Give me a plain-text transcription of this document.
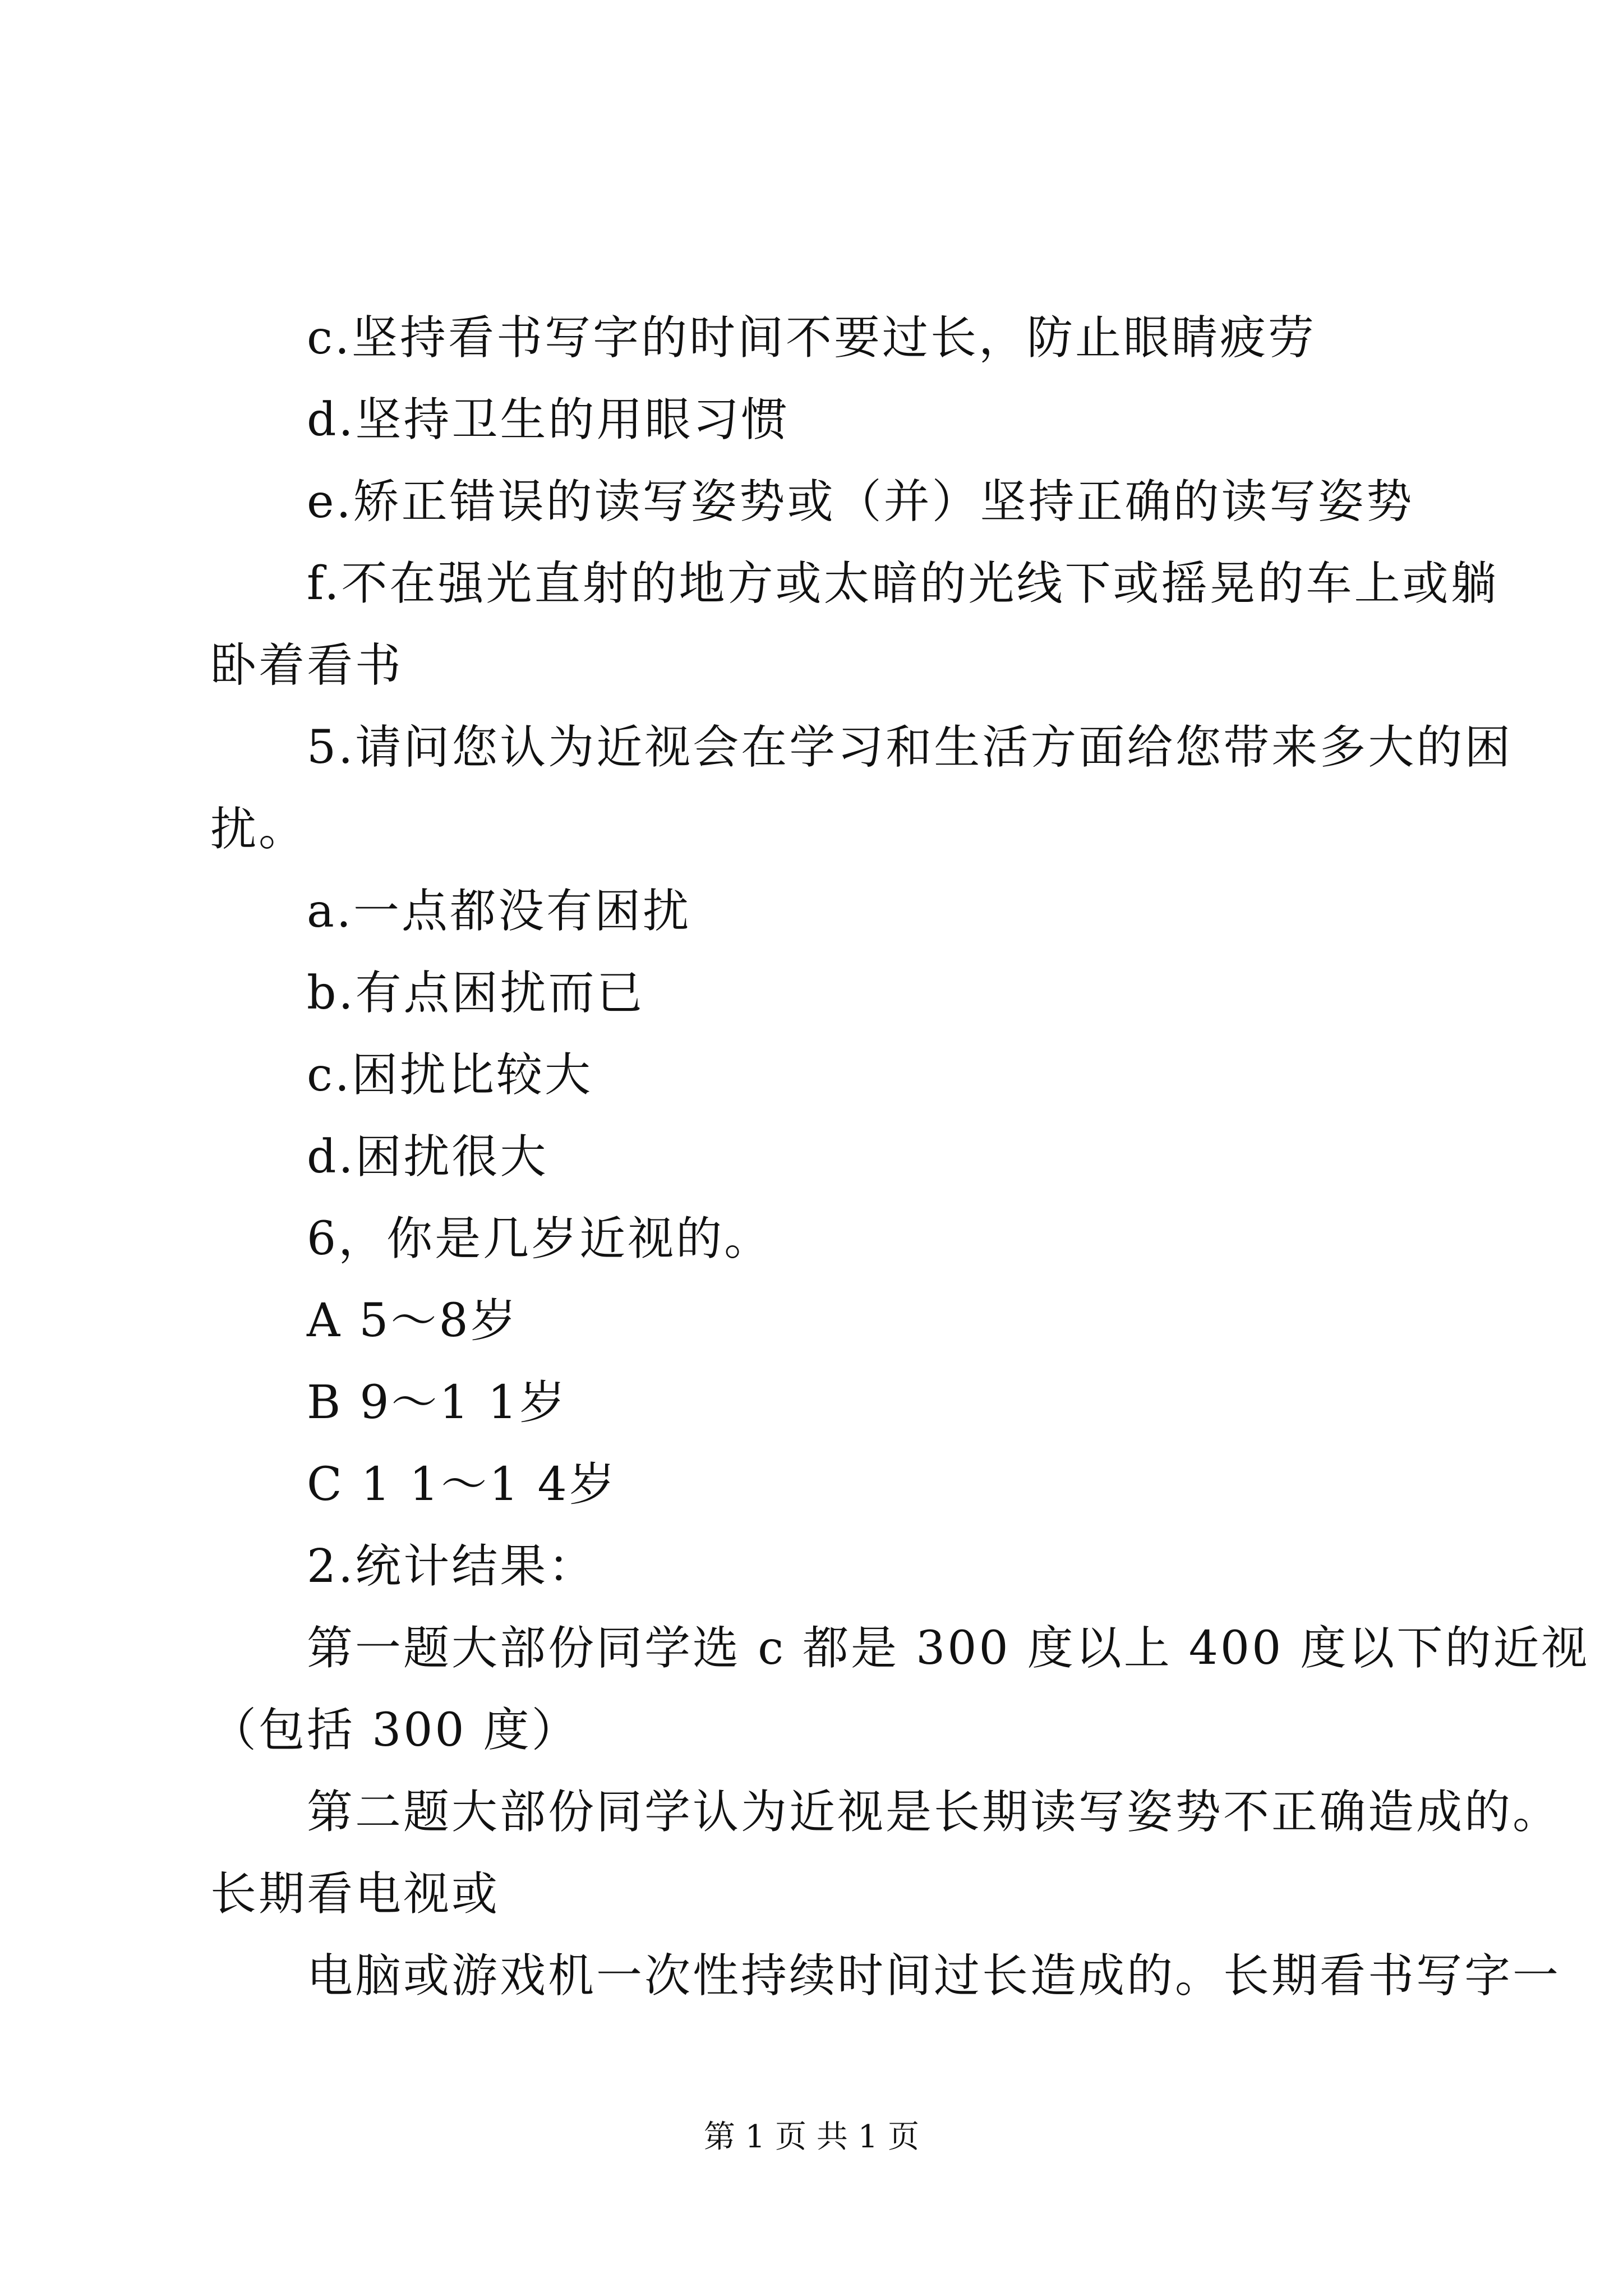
c.坚持看书写字的时间不要过长，防止眼睛疲劳
d.坚持卫生的用眼习惯
e.矫正错误的读写姿势或（并）坚持正确的读写姿势
f.不在强光直射的地方或太暗的光线下或摇晃的车上或躺
卧着看书
5.请问您认为近视会在学习和生活方面给您带来多大的困
扰。
a.一点都没有困扰
b.有点困扰而已
c.困扰比较大
d.困扰很大
6，你是几岁近视的。
A 5～8岁
B 9～1 1岁
C 1 1～1 4岁
2.统计结果：
第一题大部份同学选 c 都是 300 度以上 400 度以下的近视
（包括 300 度）
第二题大部份同学认为近视是长期读写姿势不正确造成的。
长期看电视或
电脑或游戏机一次性持续时间过长造成的。长期看书写字一
第 1 页 共 1 页
